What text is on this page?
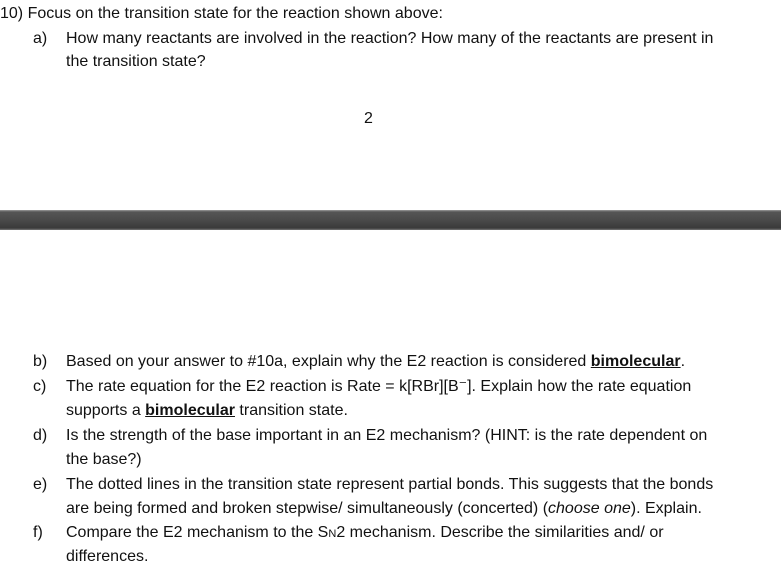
10) Focus on the transition state for the reaction shown above:
a) How many reactants are involved in the reaction? How many of the reactants are present in
the transition state?
2
b) Based on your answer to #10a, explain why the E2 reaction is considered bimolecular.
c) The rate equation for the E2 reaction is Rate = k[RBr][B⁻]. Explain how the rate equation
supports a bimolecular transition state.
d) Is the strength of the base important in an E2 mechanism? (HINT: is the rate dependent on
the base?)
e) The dotted lines in the transition state represent partial bonds. This suggests that the bonds
are being formed and broken stepwise/ simultaneously (concerted) (choose one). Explain.
f) Compare the E2 mechanism to the SN2 mechanism. Describe the similarities and/ or
differences.
